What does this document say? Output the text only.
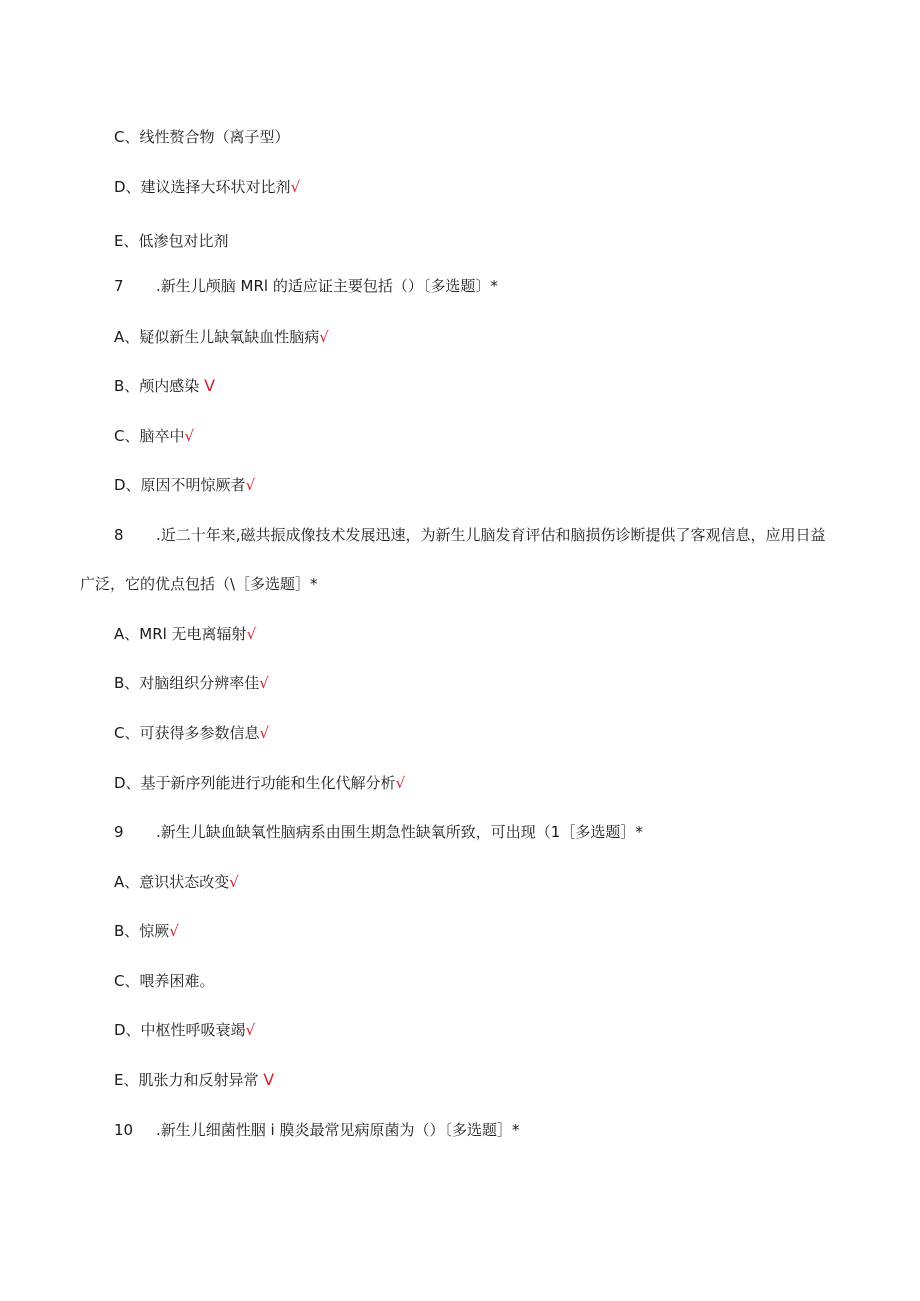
C、线性赘合物（离子型）
D、建议选择大环状对比剂√
E、低渗包对比剂
7 .新生儿颅脑 MRl 的适应证主要包括（）〔多选题〕*
A、疑似新生儿缺氧缺血性脑病√
B、颅内感染 V
C、脑卒中√
D、原因不明惊厥者√
8 .近二十年来,磁共振成像技术发展迅速，为新生儿脑发育评估和脑损伤诊断提供了客观信息，应用日益
广泛，它的优点包括（\［多选题］*
A、MRl 无电离辐射√
B、对脑组织分辨率佳√
C、可获得多参数信息√
D、基于新序列能进行功能和生化代解分析√
9 .新生儿缺血缺氧性脑病系由围生期急性缺氧所致，可出现（1［多选题］*
A、意识状态改变√
B、惊厥√
C、喂养困难。
D、中枢性呼吸衰竭√
E、肌张力和反射异常 V
10 .新生儿细菌性胭 i 膜炎最常见病原菌为（）〔多选题］*
